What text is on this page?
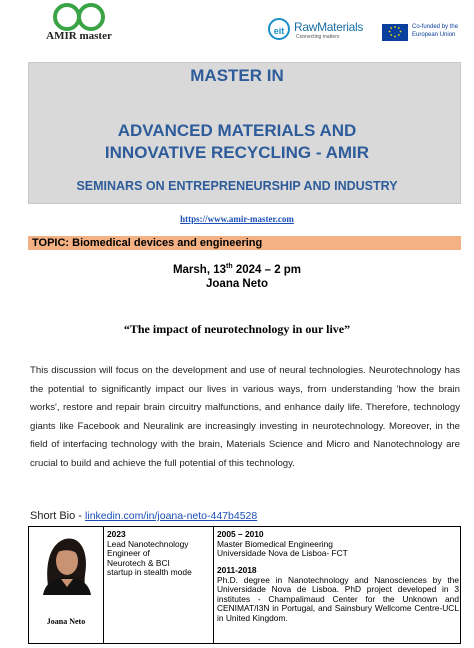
AMIR master	eit RawMaterials
Connecting matters
Co-funded by the European Union
MASTER IN
ADVANCED MATERIALS AND
INNOVATIVE RECYCLING - AMIR
SEMINARS ON ENTREPRENEURSHIP AND INDUSTRY
https://www.amir-master.com
TOPIC: Biomedical devices and engineering
Marsh, 13th 2024 – 2 pm
Joana Neto
“The impact of neurotechnology in our live”
This discussion will focus on the development and use of neural technologies. Neurotechnology has the potential to significantly impact our lives in various ways, from understanding 'how the brain works', restore and repair brain circuitry malfunctions, and enhance daily life. Therefore, technology giants like Facebook and Neuralink are increasingly investing in neurotechnology. Moreover, in the field of interfacing technology with the brain, Materials Science and Micro and Nanotechnology are crucial to build and achieve the full potential of this technology.
Short Bio - linkedin.com/in/joana-neto-447b4528
Joana Neto
2023
Lead Nanotechnology
Engineer of
Neurotech & BCI
startup in stealth mode
2005 – 2010
Master Biomedical Engineering
Universidade Nova de Lisboa- FCT
2011-2018
Ph.D. degree in Nanotechnology and Nanosciences by the Universidade Nova de Lisboa. PhD project developed in 3 institutes - Champalimaud Center for the Unknown and CENIMAT/I3N in Portugal, and Sainsbury Wellcome Centre-UCL in United Kingdom.
